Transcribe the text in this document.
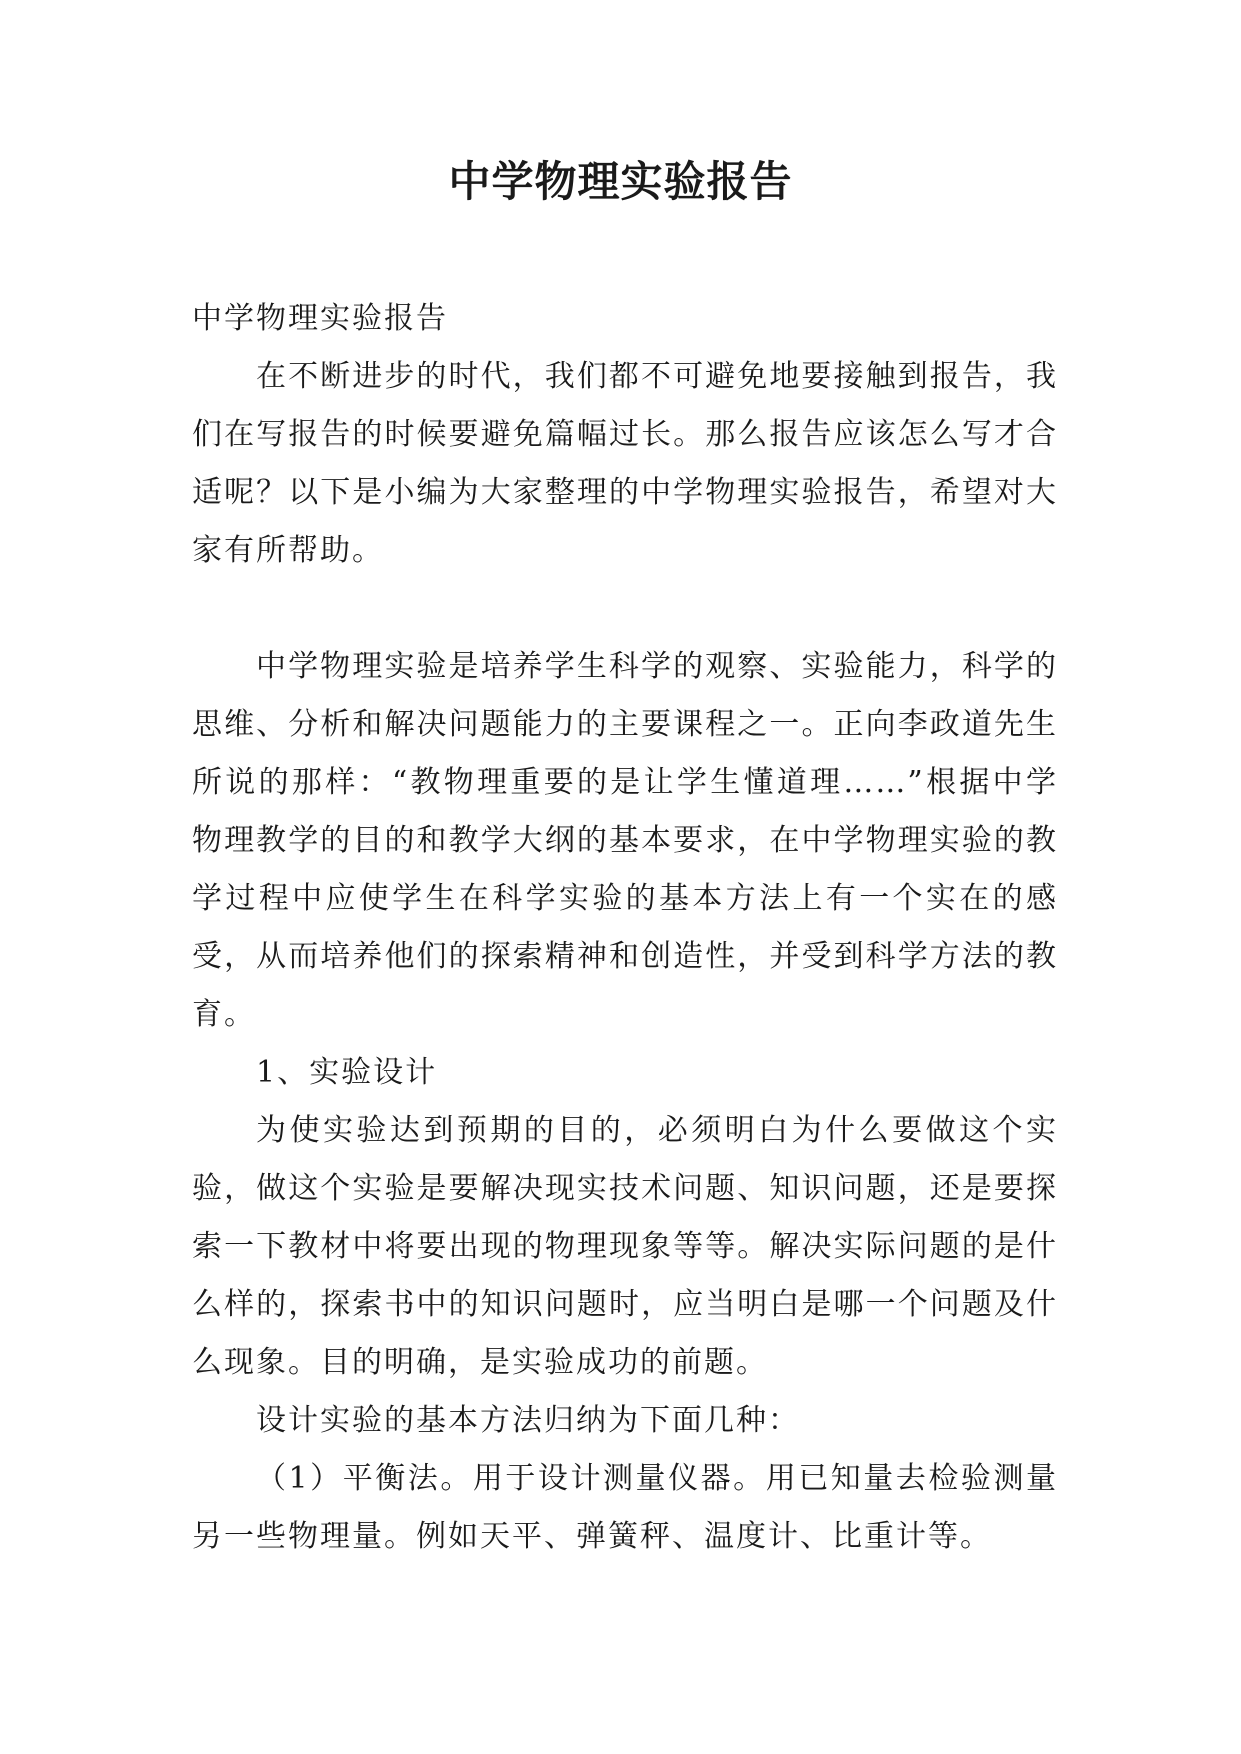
中学物理实验报告

中学物理实验报告

在不断进步的时代，我们都不可避免地要接触到报告，我们在写报告的时候要避免篇幅过长。那么报告应该怎么写才合适呢？以下是小编为大家整理的中学物理实验报告，希望对大家有所帮助。

中学物理实验是培养学生科学的观察、实验能力，科学的思维、分析和解决问题能力的主要课程之一。正向李政道先生所说的那样：“教物理重要的是让学生懂道理……”根据中学物理教学的目的和教学大纲的基本要求，在中学物理实验的教学过程中应使学生在科学实验的基本方法上有一个实在的感受，从而培养他们的探索精神和创造性，并受到科学方法的教育。

1、实验设计

为使实验达到预期的目的，必须明白为什么要做这个实验，做这个实验是要解决现实技术问题、知识问题，还是要探索一下教材中将要出现的物理现象等等。解决实际问题的是什么样的，探索书中的知识问题时，应当明白是哪一个问题及什么现象。目的明确，是实验成功的前题。

设计实验的基本方法归纳为下面几种：

（1）平衡法。用于设计测量仪器。用已知量去检验测量另一些物理量。例如天平、弹簧秤、温度计、比重计等。
